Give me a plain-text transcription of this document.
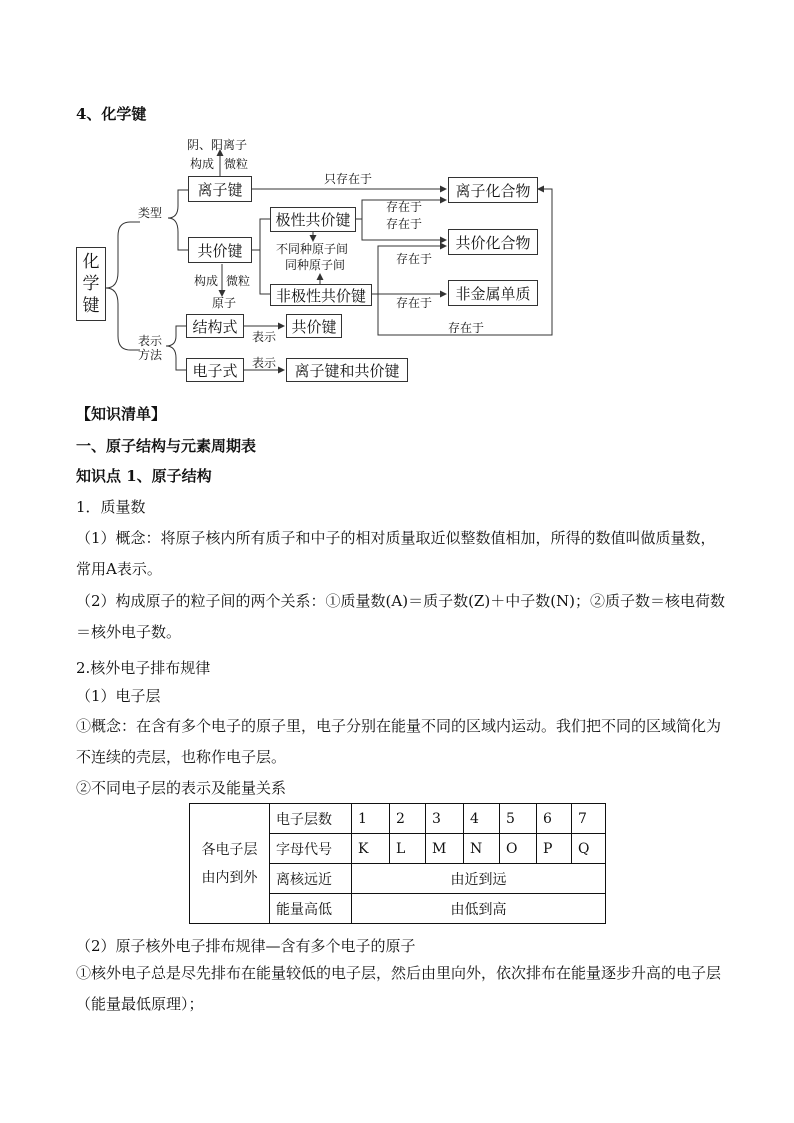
4、化学键
化学键
类型
表示方法
阴、阳离子
构成 微粒
离子键
共价键
构成 微粒
原子
极性共价键
不同种原子间
同种原子间
非极性共价键
只存在于
存在于
存在于
存在于
存在于
存在于
离子化合物
共价化合物
非金属单质
结构式
表示
共价键
电子式	表示	离子键和共价键
【知识清单】
一、原子结构与元素周期表
知识点 1、原子结构
1．质量数
（1）概念：将原子核内所有质子和中子的相对质量取近似整数值相加，所得的数值叫做质量数，常用A表示。
（2）构成原子的粒子间的两个关系：①质量数(A)＝质子数(Z)＋中子数(N)；②质子数＝核电荷数＝核外电子数。
2.核外电子排布规律
（1）电子层
①概念：在含有多个电子的原子里，电子分别在能量不同的区域内运动。我们把不同的区域简化为不连续的壳层，也称作电子层。
②不同电子层的表示及能量关系
各电子层由内到外	电子层数	1	2	3	4	5	6	7
	字母代号	K	L	M	N	O	P	Q
	离核远近	由近到远						
	能量高低	由低到高						
（2）原子核外电子排布规律—含有多个电子的原子
①核外电子总是尽先排布在能量较低的电子层，然后由里向外，依次排布在能量逐步升高的电子层（能量最低原理）；
